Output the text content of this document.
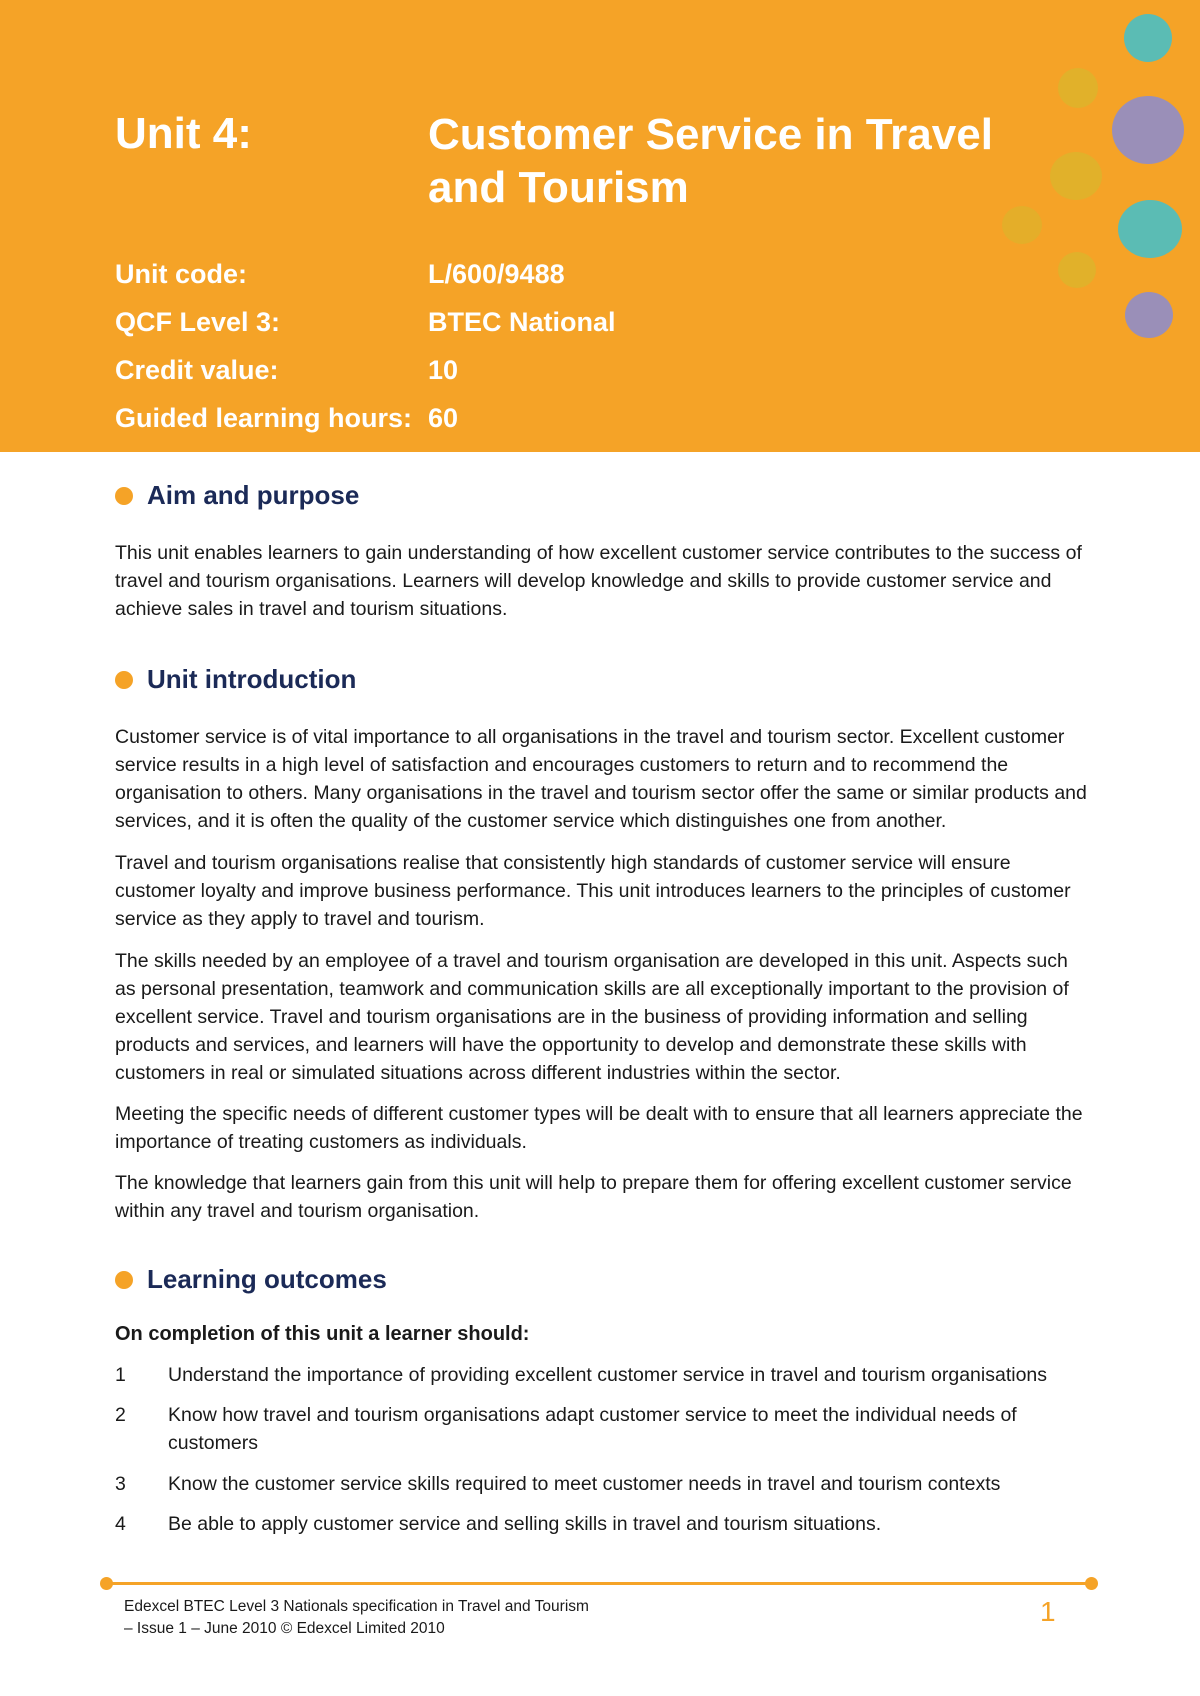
Unit 4:	Customer Service in Travel and Tourism
Unit code:	L/600/9488
QCF Level 3:	BTEC National
Credit value:	10
Guided learning hours: 60
Aim and purpose

This unit enables learners to gain understanding of how excellent customer service contributes to the success of travel and tourism organisations. Learners will develop knowledge and skills to provide customer service and achieve sales in travel and tourism situations.

Unit introduction

Customer service is of vital importance to all organisations in the travel and tourism sector. Excellent customer service results in a high level of satisfaction and encourages customers to return and to recommend the organisation to others. Many organisations in the travel and tourism sector offer the same or similar products and services, and it is often the quality of the customer service which distinguishes one from another.

Travel and tourism organisations realise that consistently high standards of customer service will ensure customer loyalty and improve business performance. This unit introduces learners to the principles of customer service as they apply to travel and tourism.

The skills needed by an employee of a travel and tourism organisation are developed in this unit. Aspects such as personal presentation, teamwork and communication skills are all exceptionally important to the provision of excellent service. Travel and tourism organisations are in the business of providing information and selling products and services, and learners will have the opportunity to develop and demonstrate these skills with customers in real or simulated situations across different industries within the sector.

Meeting the specific needs of different customer types will be dealt with to ensure that all learners appreciate the importance of treating customers as individuals.

The knowledge that learners gain from this unit will help to prepare them for offering excellent customer service within any travel and tourism organisation.

Learning outcomes
On completion of this unit a learner should:
1	Understand the importance of providing excellent customer service in travel and tourism organisations
2	Know how travel and tourism organisations adapt customer service to meet the individual needs of customers
3	Know the customer service skills required to meet customer needs in travel and tourism contexts
4	Be able to apply customer service and selling skills in travel and tourism situations.
Edexcel BTEC Level 3 Nationals specification in Travel and Tourism
– Issue 1 – June 2010 © Edexcel Limited 2010
1
